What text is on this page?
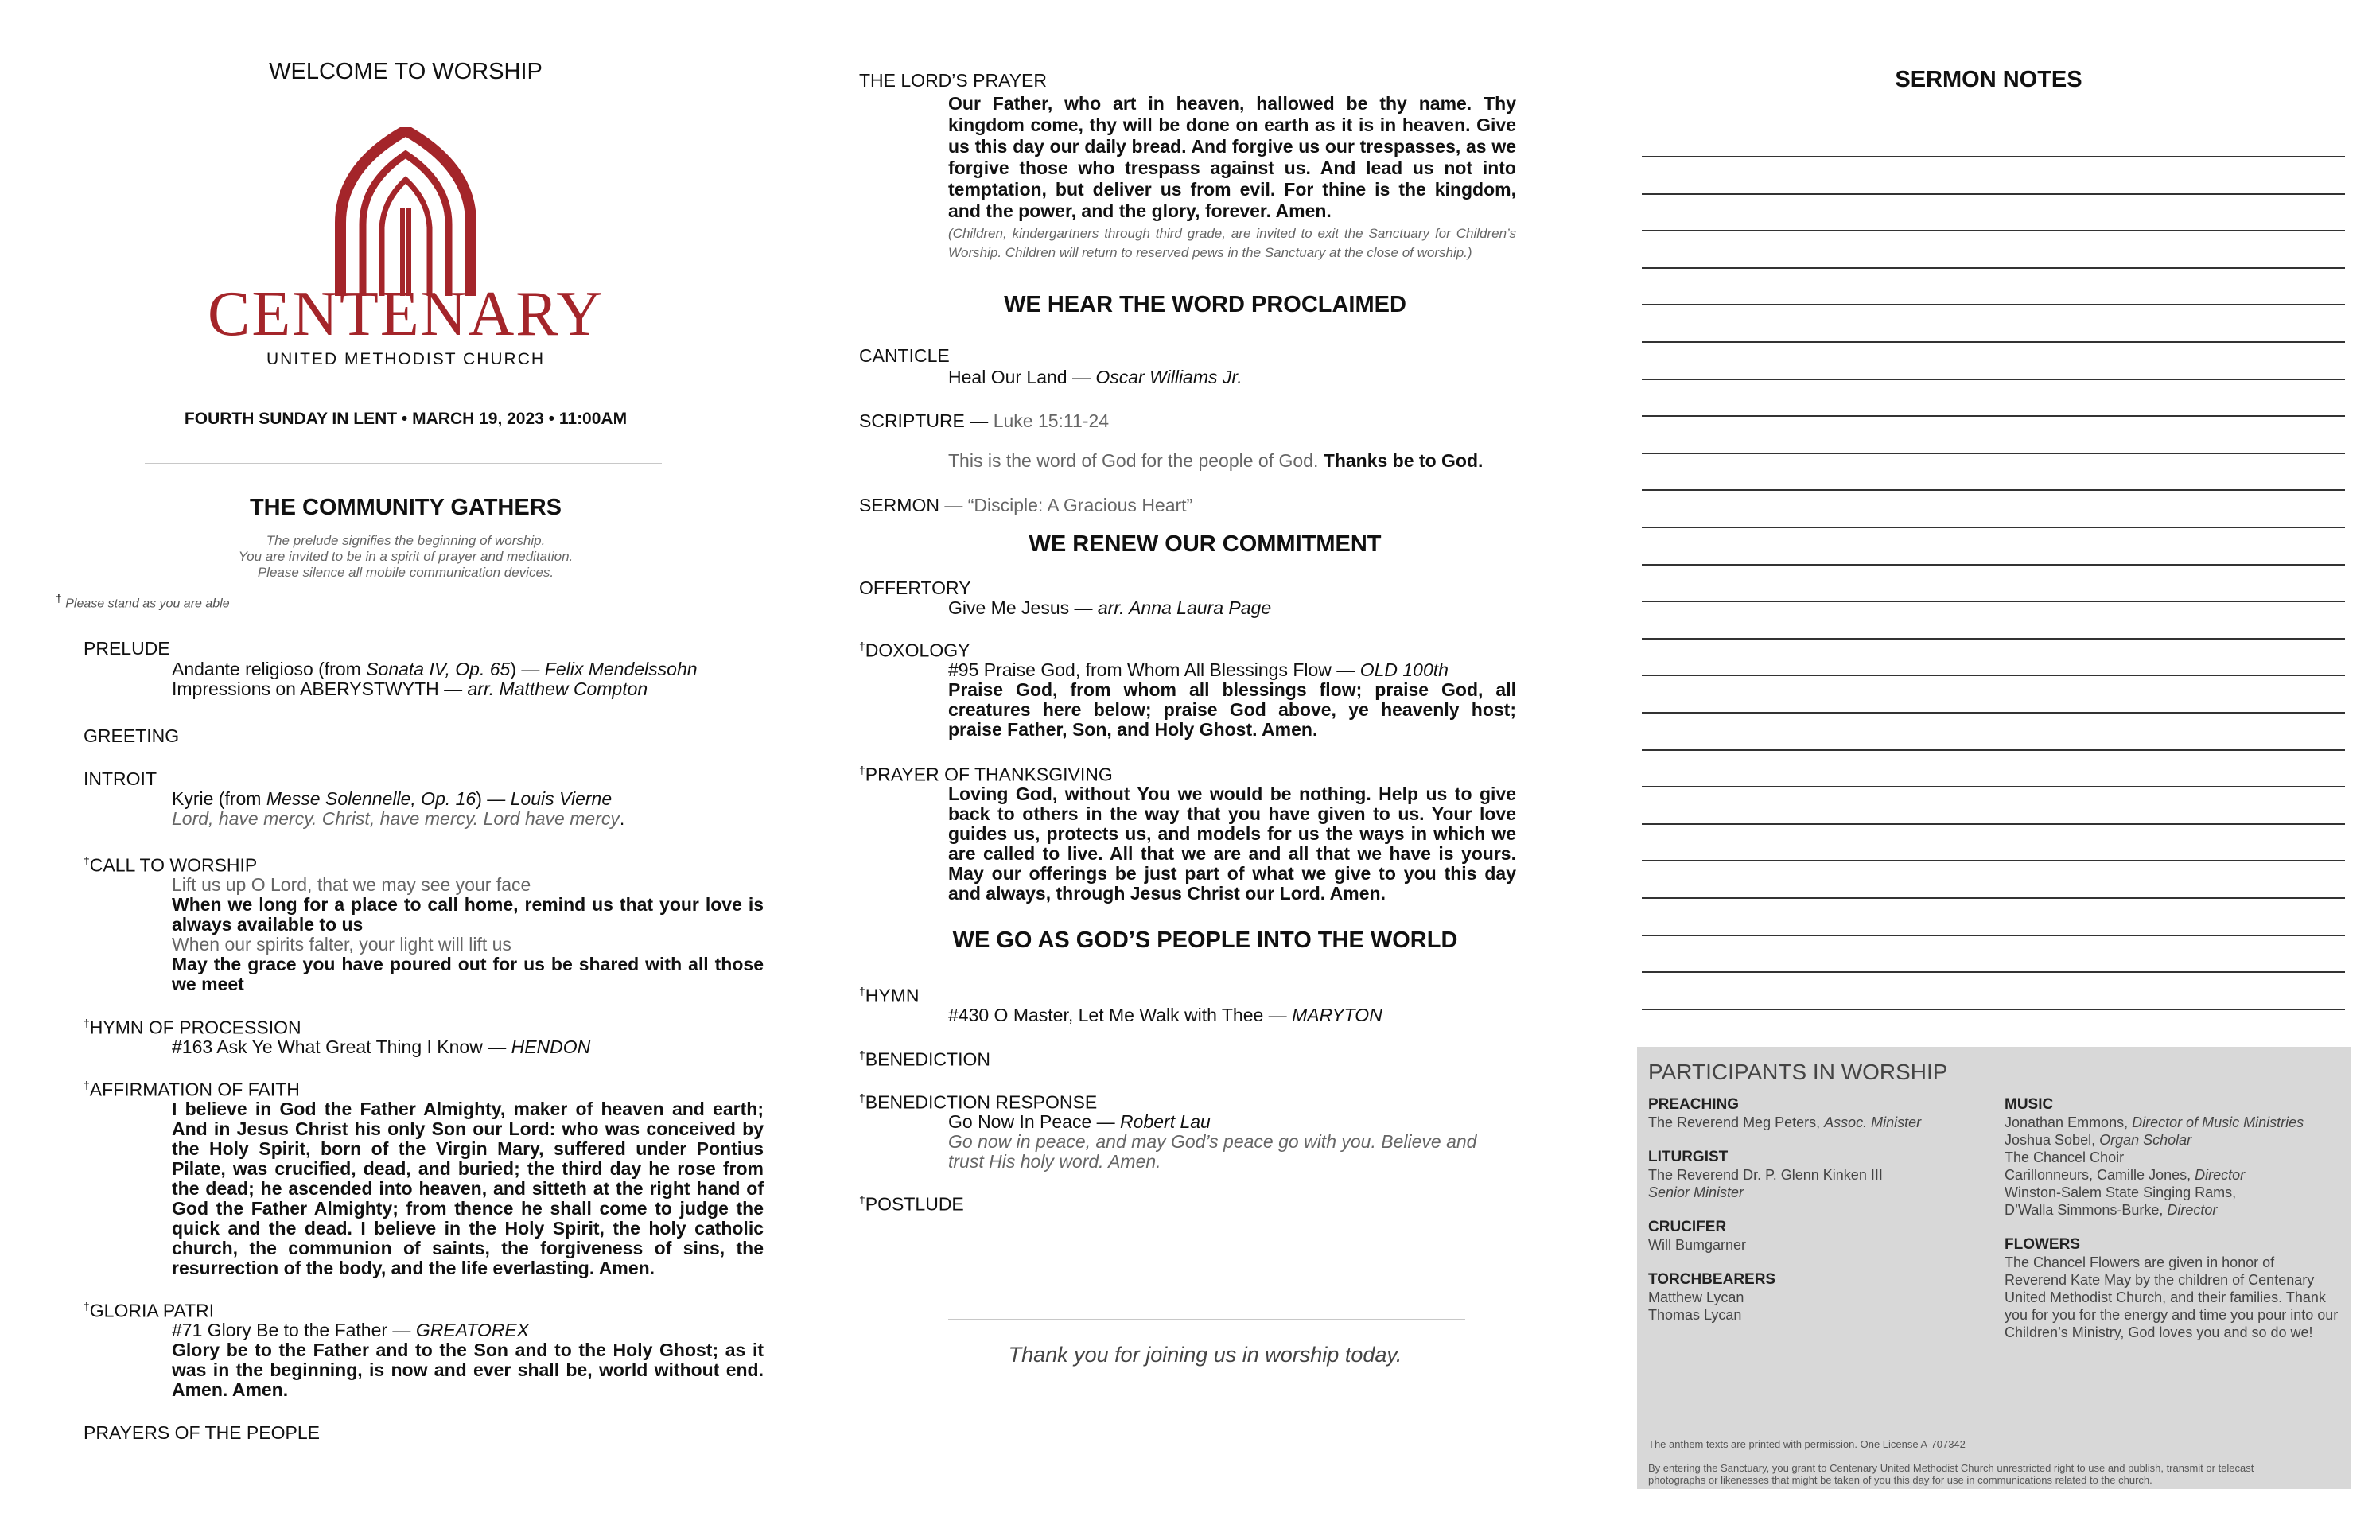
WELCOME TO WORSHIP
CENTENARY
UNITED METHODIST CHURCH
FOURTH SUNDAY IN LENT • MARCH 19, 2023 • 11:00AM
THE COMMUNITY GATHERS
The prelude signifies the beginning of worship.
You are invited to be in a spirit of prayer and meditation.
Please silence all mobile communication devices.
† Please stand as you are able
PRELUDE
Andante religioso (from Sonata IV, Op. 65) — Felix Mendelssohn
Impressions on ABERYSTWYTH — arr. Matthew Compton
GREETING
INTROIT
Kyrie (from Messe Solennelle, Op. 16) — Louis Vierne
Lord, have mercy. Christ, have mercy. Lord have mercy.
†CALL TO WORSHIP
Lift us up O Lord, that we may see your face
When we long for a place to call home, remind us that your love is always available to us
When our spirits falter, your light will lift us
May the grace you have poured out for us be shared with all those we meet
†HYMN OF PROCESSION
#163 Ask Ye What Great Thing I Know — HENDON
†AFFIRMATION OF FAITH
I believe in God the Father Almighty, maker of heaven and earth; And in Jesus Christ his only Son our Lord: who was conceived by the Holy Spirit, born of the Virgin Mary, suffered under Pontius Pilate, was crucified, dead, and buried; the third day he rose from the dead; he ascended into heaven, and sitteth at the right hand of God the Father Almighty; from thence he shall come to judge the quick and the dead. I believe in the Holy Spirit, the holy catholic church, the communion of saints, the forgiveness of sins, the resurrection of the body, and the life everlasting. Amen.
†GLORIA PATRI
#71 Glory Be to the Father — GREATOREX
Glory be to the Father and to the Son and to the Holy Ghost; as it was in the beginning, is now and ever shall be, world without end. Amen. Amen.
PRAYERS OF THE PEOPLE
THE LORD’S PRAYER
Our Father, who art in heaven, hallowed be thy name. Thy kingdom come, thy will be done on earth as it is in heaven. Give us this day our daily bread. And forgive us our trespasses, as we forgive those who trespass against us. And lead us not into temptation, but deliver us from evil. For thine is the kingdom, and the power, and the glory, forever. Amen.
(Children, kindergartners through third grade, are invited to exit the Sanctuary for Children’s Worship. Children will return to reserved pews in the Sanctuary at the close of worship.)
WE HEAR THE WORD PROCLAIMED
CANTICLE
Heal Our Land — Oscar Williams Jr.
SCRIPTURE — Luke 15:11-24
This is the word of God for the people of God. Thanks be to God.
SERMON — “Disciple: A Gracious Heart”
WE RENEW OUR COMMITMENT
OFFERTORY
Give Me Jesus — arr. Anna Laura Page
†DOXOLOGY
#95 Praise God, from Whom All Blessings Flow — OLD 100th
Praise God, from whom all blessings flow; praise God, all creatures here below; praise God above, ye heavenly host; praise Father, Son, and Holy Ghost. Amen.
†PRAYER OF THANKSGIVING
Loving God, without You we would be nothing. Help us to give back to others in the way that you have given to us. Your love guides us, protects us, and models for us the ways in which we are called to live. All that we are and all that we have is yours. May our offerings be just part of what we give to you this day and always, through Jesus Christ our Lord. Amen.
WE GO AS GOD’S PEOPLE INTO THE WORLD
†HYMN
#430 O Master, Let Me Walk with Thee — MARYTON
†BENEDICTION
†BENEDICTION RESPONSE
Go Now In Peace — Robert Lau
Go now in peace, and may God’s peace go with you. Believe and trust His holy word. Amen.
†POSTLUDE
Thank you for joining us in worship today.
SERMON NOTES
PARTICIPANTS IN WORSHIP
PREACHING
The Reverend Meg Peters, Assoc. Minister
LITURGIST
The Reverend Dr. P. Glenn Kinken III
Senior Minister
CRUCIFER
Will Bumgarner
TORCHBEARERS
Matthew Lycan
Thomas Lycan
MUSIC
Jonathan Emmons, Director of Music Ministries
Joshua Sobel, Organ Scholar
The Chancel Choir
Carillonneurs, Camille Jones, Director
Winston-Salem State Singing Rams,
D’Walla Simmons-Burke, Director
FLOWERS
The Chancel Flowers are given in honor of Reverend Kate May by the children of Centenary United Methodist Church, and their families. Thank you for you for the energy and time you pour into our Children’s Ministry, God loves you and so do we!
The anthem texts are printed with permission. One License A-707342
By entering the Sanctuary, you grant to Centenary United Methodist Church unrestricted right to use and publish, transmit or telecast photographs or likenesses that might be taken of you this day for use in communications related to the church.
